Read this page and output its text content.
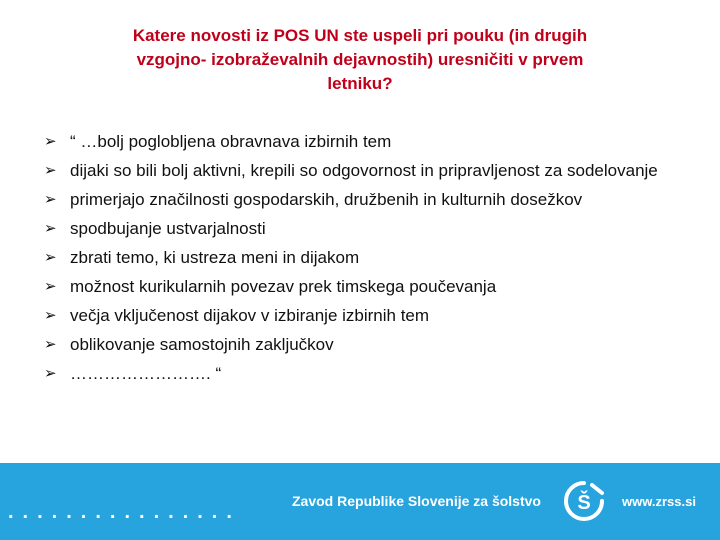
Katere novosti iz POS UN ste uspeli pri pouku (in drugih
vzgojno- izobraževalnih dejavnostih) uresničiti v prvem
letniku?
➢ “ …bolj poglobljena obravnava izbirnih tem
➢ dijaki so bili bolj aktivni, krepili so odgovornost in pripravljenost za sodelovanje
➢ primerjajo značilnosti gospodarskih, družbenih in kulturnih dosežkov
➢ spodbujanje ustvarjalnosti
➢ zbrati temo, ki ustreza meni in dijakom
➢ možnost kurikularnih povezav prek timskega poučevanja
➢ večja vključenost dijakov v izbiranje izbirnih tem
➢ oblikovanje samostojnih zaključkov
➢ ……………………. “
................	Zavod Republike Slovenije za šolstvo Š www.zrss.si
